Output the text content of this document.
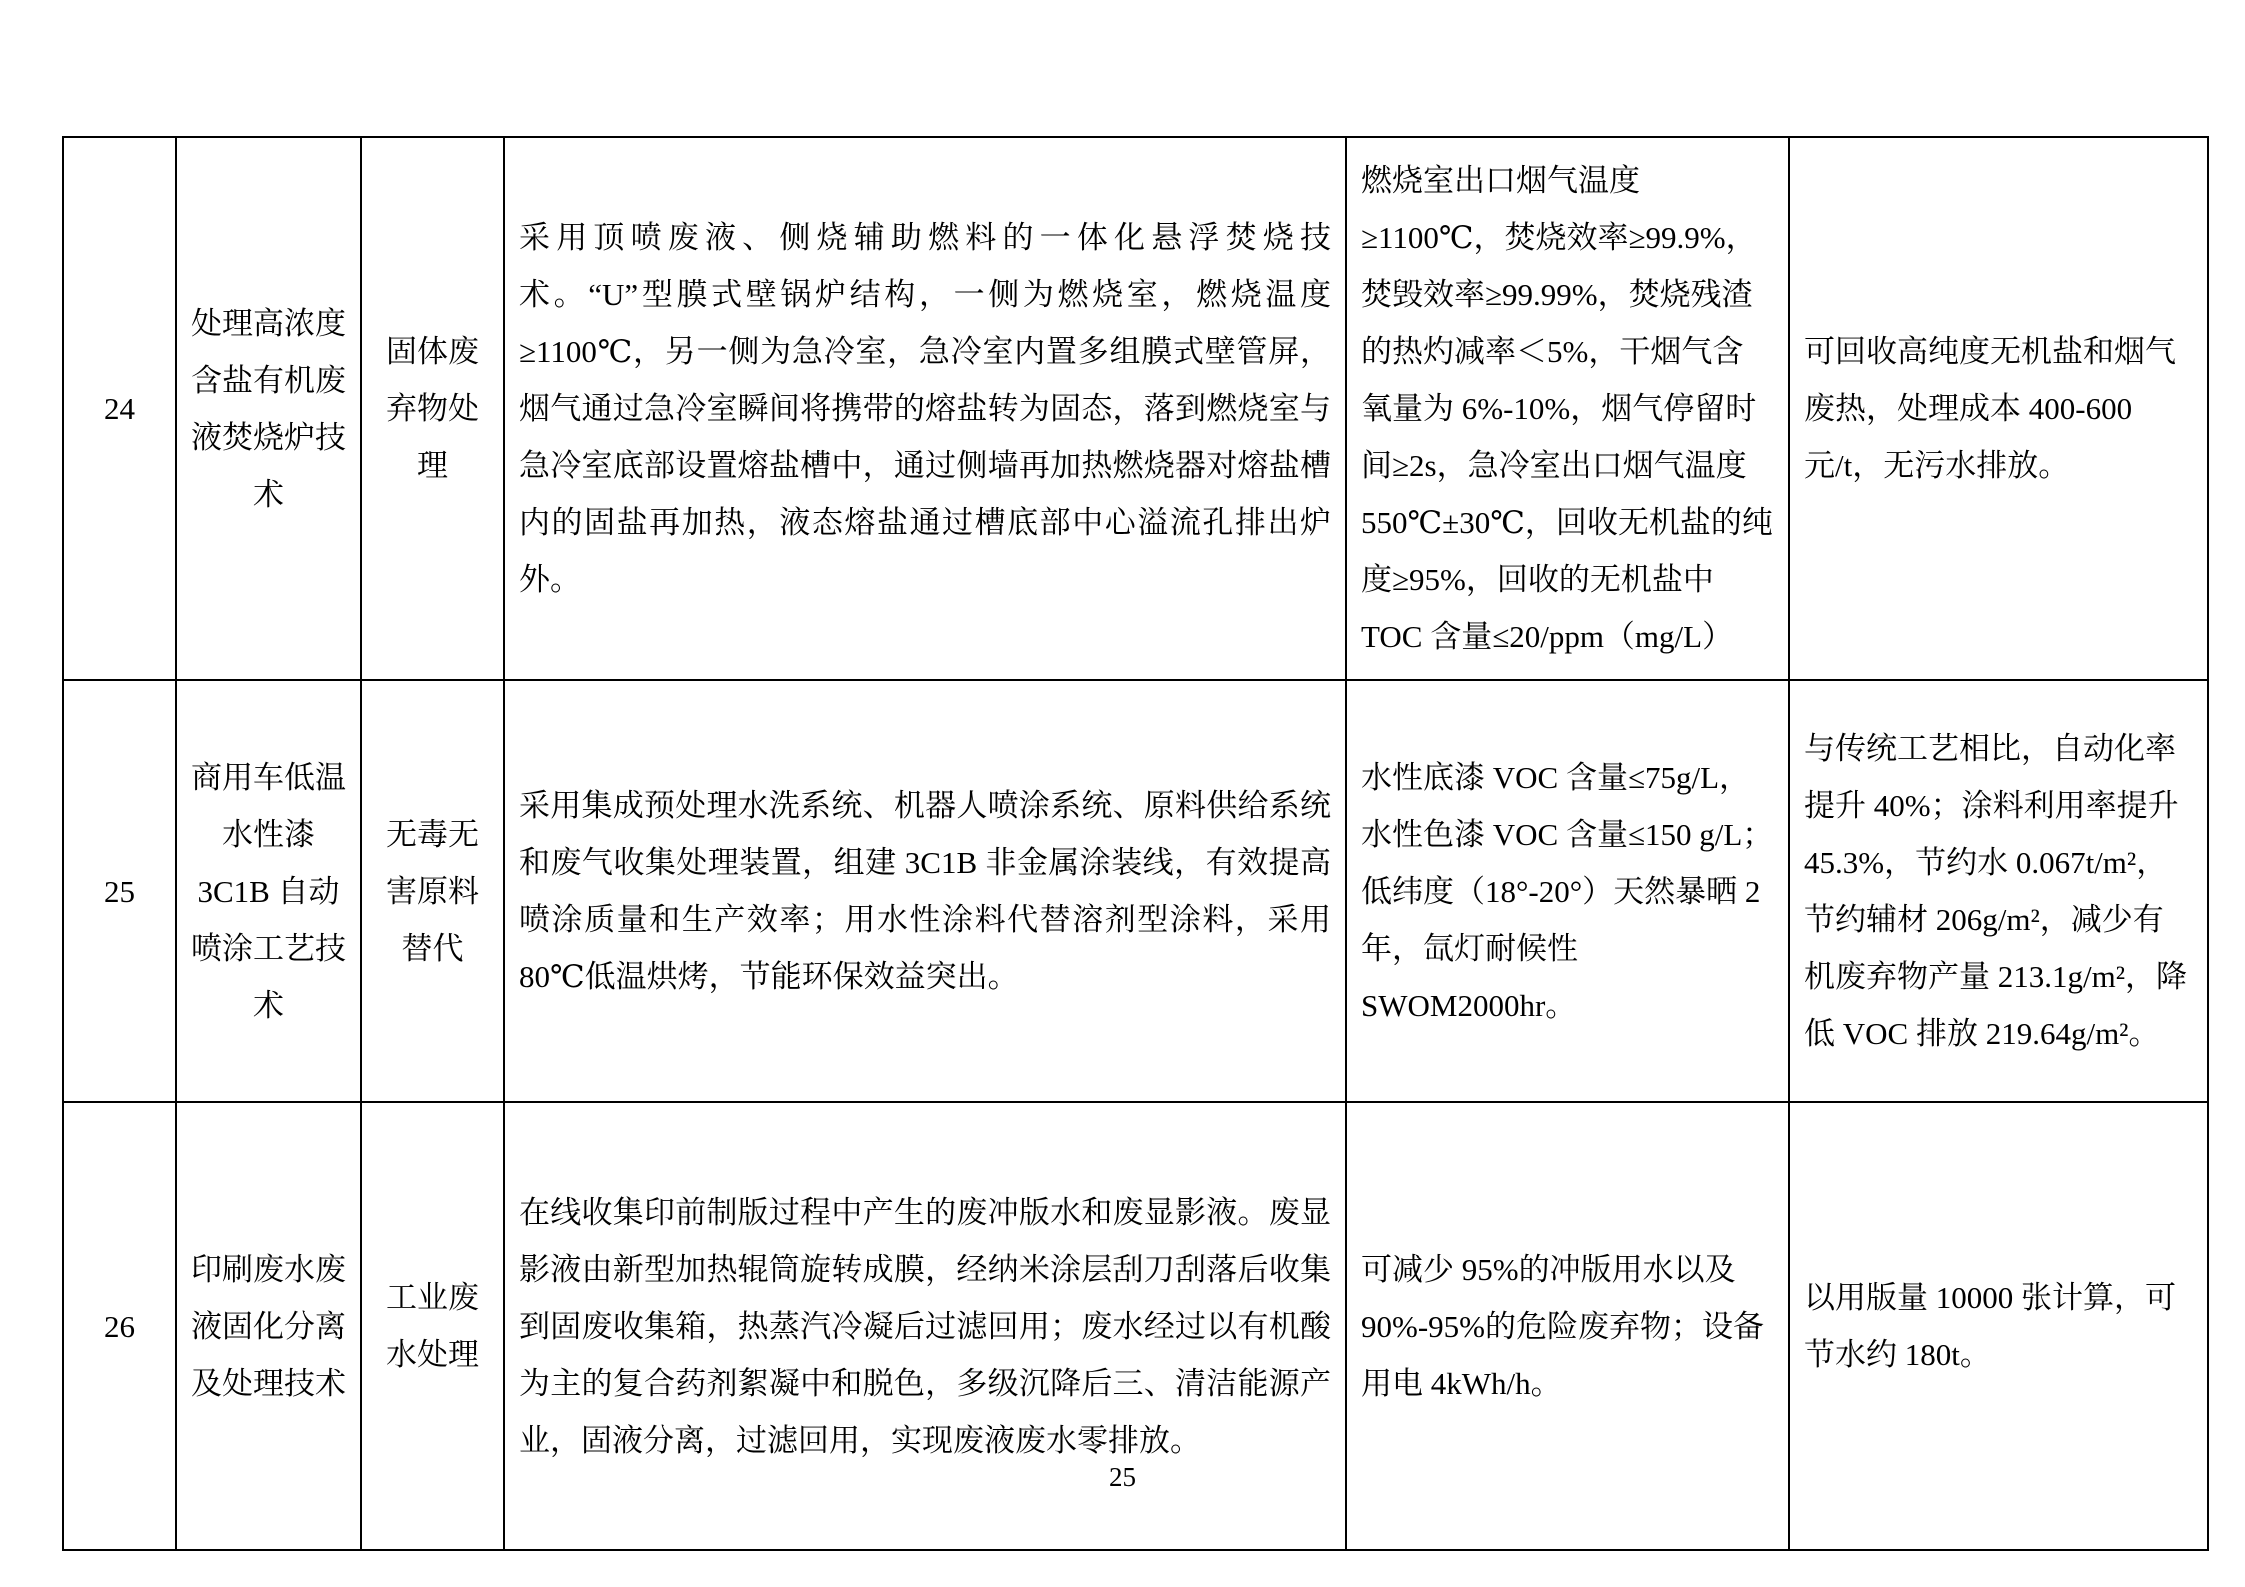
24	处理高浓度含盐有机废液焚烧炉技术	固体废弃物处理	采用顶喷废液、侧烧辅助燃料的一体化悬浮焚烧技术。“U”型膜式壁锅炉结构，一侧为燃烧室，燃烧温度≥1100℃，另一侧为急冷室，急冷室内置多组膜式壁管屏，烟气通过急冷室瞬间将携带的熔盐转为固态，落到燃烧室与急冷室底部设置熔盐槽中，通过侧墙再加热燃烧器对熔盐槽内的固盐再加热，液态熔盐通过槽底部中心溢流孔排出炉外。	燃烧室出口烟气温度≥1100℃，焚烧效率≥99.9%，焚毁效率≥99.99%，焚烧残渣的热灼减率＜5%，干烟气含氧量为 6%-10%，烟气停留时间≥2s，急冷室出口烟气温度 550℃±30℃，回收无机盐的纯度≥95%，回收的无机盐中 TOC 含量≤20/ppm（mg/L）	可回收高纯度无机盐和烟气废热，处理成本 400-600 元/t，无污水排放。
25	商用车低温水性漆 3C1B 自动喷涂工艺技术	无毒无害原料替代	采用集成预处理水洗系统、机器人喷涂系统、原料供给系统和废气收集处理装置，组建 3C1B 非金属涂装线，有效提高喷涂质量和生产效率；用水性涂料代替溶剂型涂料，采用 80℃低温烘烤，节能环保效益突出。	水性底漆 VOC 含量≤75g/L，水性色漆 VOC 含量≤150 g/L；低纬度（18°-20°）天然暴晒 2 年，氙灯耐候性 SWOM2000hr。	与传统工艺相比，自动化率提升 40%；涂料利用率提升 45.3%，节约水 0.067t/m²，节约辅材 206g/m²，减少有机废弃物产量 213.1g/m²，降低 VOC 排放 219.64g/m²。
26	印刷废水废液固化分离及处理技术	工业废水处理	在线收集印前制版过程中产生的废冲版水和废显影液。废显影液由新型加热辊筒旋转成膜，经纳米涂层刮刀刮落后收集到固废收集箱，热蒸汽冷凝后过滤回用；废水经过以有机酸为主的复合药剂絮凝中和脱色，多级沉降后三、清洁能源产业，固液分离，过滤回用，实现废液废水零排放。	可减少 95%的冲版用水以及 90%-95%的危险废弃物；设备用电 4kWh/h。	以用版量 10000 张计算，可节水约 180t。
25
